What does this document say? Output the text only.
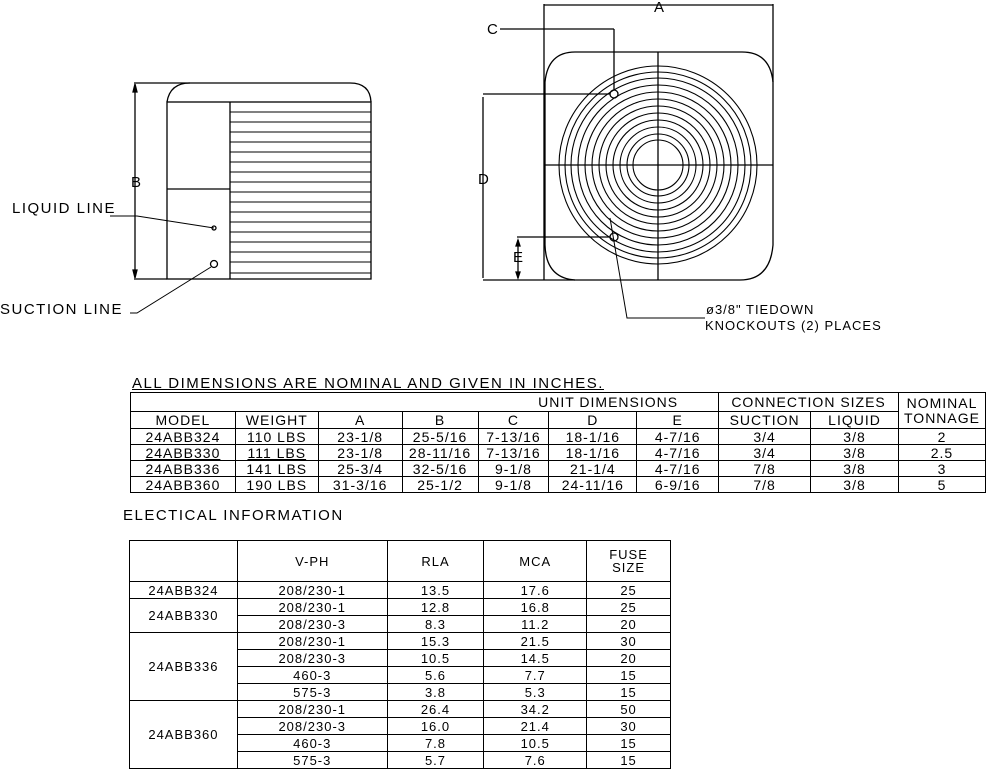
B
LIQUID LINE
SUCTION LINE
A
C
D
E
ø3/8" TIEDOWN
KNOCKOUTS (2) PLACES
ALL DIMENSIONS ARE NOMINAL AND GIVEN IN INCHES.
UNIT DIMENSIONS							CONNECTION SIZES		NOMINAL TONNAGE
MODEL	WEIGHT	A	B	C	D	E	SUCTION	LIQUID	
24ABB324	110 LBS	23-1/8	25-5/16	7-13/16	18-1/16	4-7/16	3/4	3/8	2
24ABB330	111 LBS	23-1/8	28-11/16	7-13/16	18-1/16	4-7/16	3/4	3/8	2.5
24ABB336	141 LBS	25-3/4	32-5/16	9-1/8	21-1/4	4-7/16	7/8	3/8	3
24ABB360	190 LBS	31-3/16	25-1/2	9-1/8	24-11/16	6-9/16	7/8	3/8	5
ELECTICAL INFORMATION
	V-PH	RLA	MCA	FUSE
SIZE
24ABB324	208/230-1	13.5	17.6	25
24ABB330	208/230-1	12.8	16.8	25
	208/230-3	8.3	11.2	20
24ABB336	208/230-1	15.3	21.5	30
	208/230-3	10.5	14.5	20
	460-3	5.6	7.7	15
	575-3	3.8	5.3	15
24ABB360	208/230-1	26.4	34.2	50
	208/230-3	16.0	21.4	30
	460-3	7.8	10.5	15
	575-3	5.7	7.6	15
